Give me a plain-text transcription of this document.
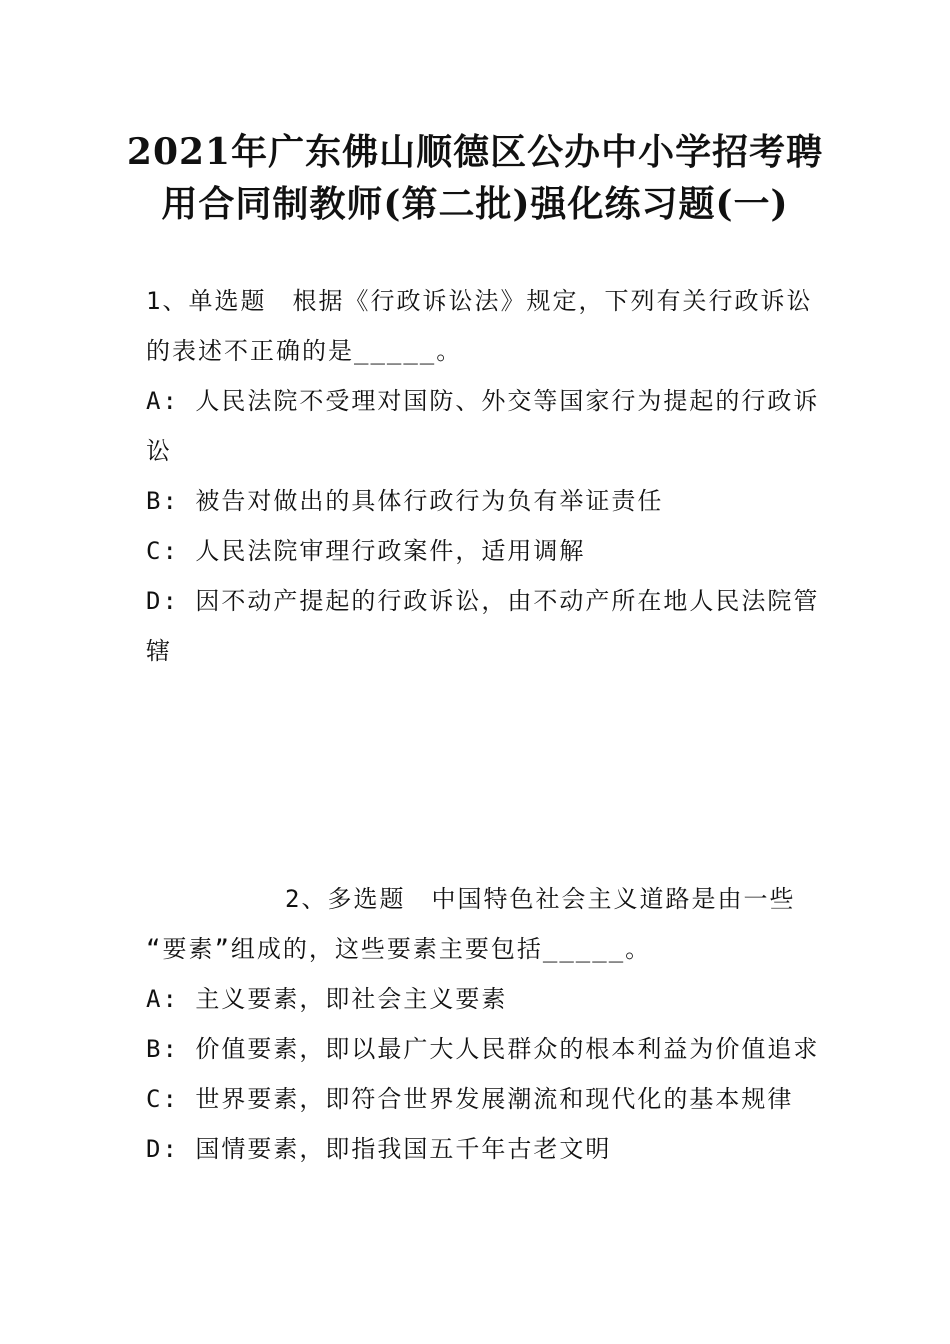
2021年广东佛山顺德区公办中小学招考聘
用合同制教师(第二批)强化练习题(一)
1、单选题　根据《行政诉讼法》规定，下列有关行政诉讼
的表述不正确的是_____。
A: 人民法院不受理对国防、外交等国家行为提起的行政诉
讼
B: 被告对做出的具体行政行为负有举证责任
C: 人民法院审理行政案件，适用调解
D: 因不动产提起的行政诉讼，由不动产所在地人民法院管
辖
2、多选题　中国特色社会主义道路是由一些
“要素”组成的，这些要素主要包括_____。
A: 主义要素，即社会主义要素
B: 价值要素，即以最广大人民群众的根本利益为价值追求
C: 世界要素，即符合世界发展潮流和现代化的基本规律
D: 国情要素，即指我国五千年古老文明
